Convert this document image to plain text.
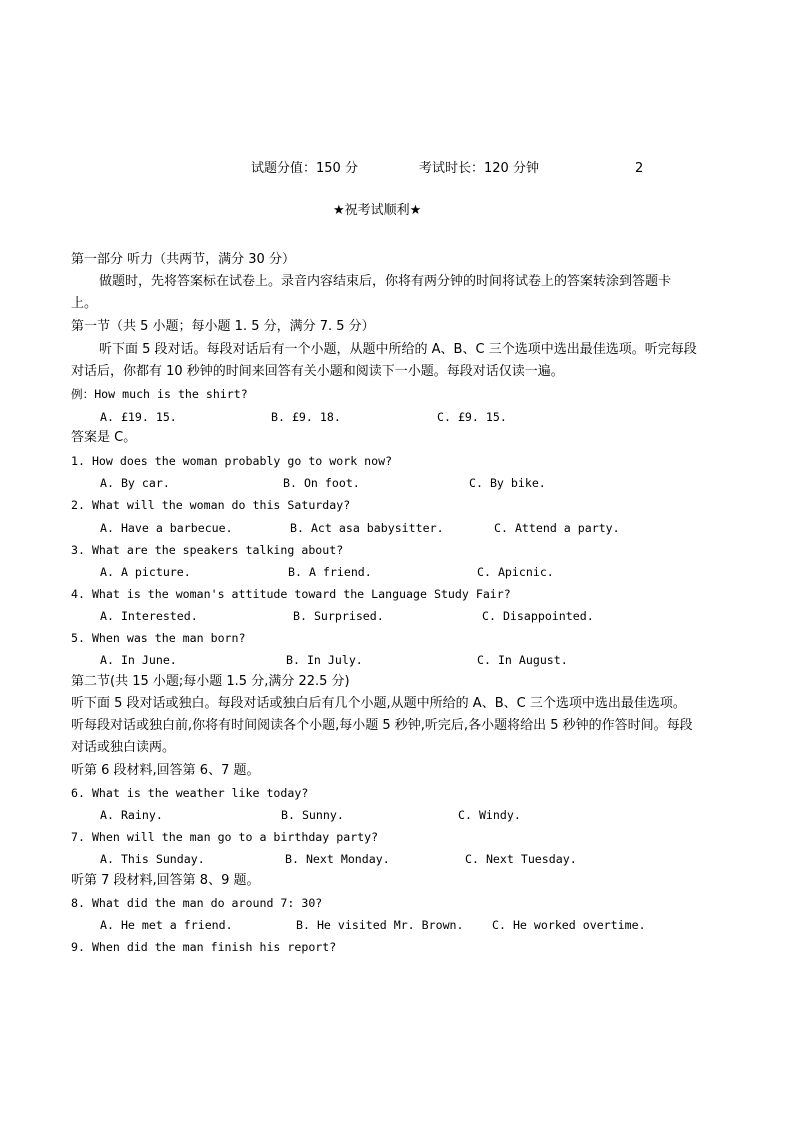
试题分值：150 分	考试时长：120 分钟	2
★祝考试顺利★
第一部分 听力（共两节，满分 30 分）
做题时，先将答案标在试卷上。录音内容结束后，你将有两分钟的时间将试卷上的答案转涂到答题卡
上。
第一节（共 5 小题；每小题 1. 5 分，满分 7. 5 分）
听下面 5 段对话。每段对话后有一个小题，从题中所给的 A、B、C 三个选项中选出最佳选项。听完每段
对话后，你都有 10 秒钟的时间来回答有关小题和阅读下一小题。每段对话仅读一遍。
例：How much is the shirt?
A. £19. 15.	B. £9. 18.	C. £9. 15.
答案是 C。
1. How does the woman probably go to work now?
A. By car.	B. On foot.	C. By bike.
2. What will the woman do this Saturday?
A. Have a barbecue.	B. Act asa babysitter.	C. Attend a party.
3. What are the speakers talking about?
A. A picture.	B. A friend.	C. Apicnic.
4. What is the woman's attitude toward the Language Study Fair?
A. Interested.	B. Surprised.	C. Disappointed.
5. When was the man born?
A. In June.	B. In July.	C. In August.
第二节(共 15 小题;每小题 1.5 分,满分 22.5 分)
听下面 5 段对话或独白。每段对话或独白后有几个小题,从题中所给的 A、B、C 三个选项中选出最佳选项。
听每段对话或独白前,你将有时间阅读各个小题,每小题 5 秒钟,听完后,各小题将给出 5 秒钟的作答时间。每段
对话或独白读两。
听第 6 段材料,回答第 6、7 题。
6. What is the weather like today?
A. Rainy.	B. Sunny.	C. Windy.
7. When will the man go to a birthday party?
A. This Sunday.	B. Next Monday.	C. Next Tuesday.
听第 7 段材料,回答第 8、9 题。
8. What did the man do around 7: 30?
A. He met a friend.	B. He visited Mr. Brown. C. He worked overtime.
9. When did the man finish his report?
